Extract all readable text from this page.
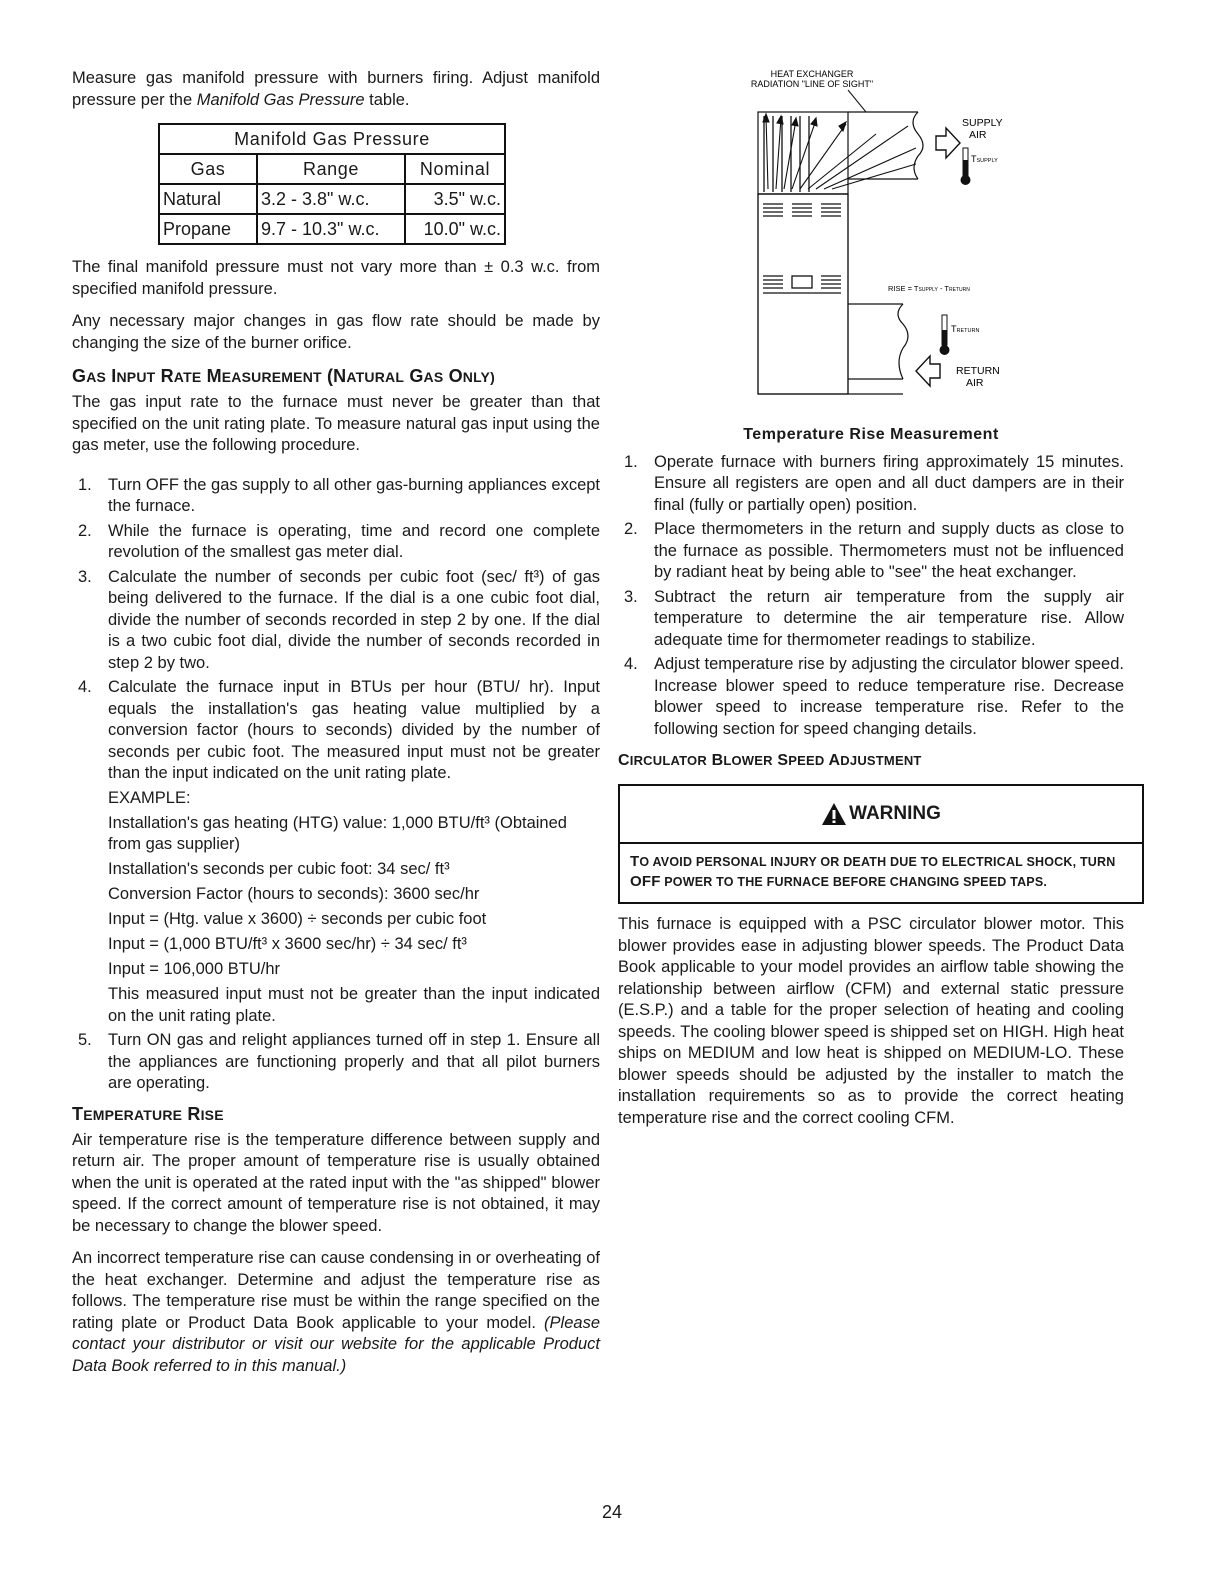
Measure gas manifold pressure with burners firing. Adjust manifold pressure per the Manifold Gas Pressure table.

Manifold Gas Pressure		
Gas	Range	Nominal
Natural	3.2 - 3.8" w.c.	3.5" w.c.
Propane	9.7 - 10.3" w.c.	10.0" w.c.

The final manifold pressure must not vary more than ± 0.3 w.c. from specified manifold pressure.

Any necessary major changes in gas flow rate should be made by changing the size of the burner orifice.

GAS INPUT RATE MEASUREMENT (NATURAL GAS ONLY)

The gas input rate to the furnace must never be greater than that specified on the unit rating plate. To measure natural gas input using the gas meter, use the following procedure.

1. Turn OFF the gas supply to all other gas-burning appliances except the furnace.

2. While the furnace is operating, time and record one complete revolution of the smallest gas meter dial.

3. Calculate the number of seconds per cubic foot (sec/ ft³) of gas being delivered to the furnace. If the dial is a one cubic foot dial, divide the number of seconds recorded in step 2 by one. If the dial is a two cubic foot dial, divide the number of seconds recorded in step 2 by two.

4. Calculate the furnace input in BTUs per hour (BTU/ hr). Input equals the installation's gas heating value multiplied by a conversion factor (hours to seconds) divided by the number of seconds per cubic foot. The measured input must not be greater than the input indicated on the unit rating plate.

EXAMPLE:
Installation's gas heating (HTG) value: 1,000 BTU/ft³ (Obtained from gas supplier)
Installation's seconds per cubic foot: 34 sec/ ft³
Conversion Factor (hours to seconds): 3600 sec/hr
Input = (Htg. value x 3600) ÷ seconds per cubic foot
Input = (1,000 BTU/ft³ x 3600 sec/hr) ÷ 34 sec/ ft³
Input = 106,000 BTU/hr

This measured input must not be greater than the input indicated on the unit rating plate.

5. Turn ON gas and relight appliances turned off in step 1. Ensure all the appliances are functioning properly and that all pilot burners are operating.

TEMPERATURE RISE

Air temperature rise is the temperature difference between supply and return air. The proper amount of temperature rise is usually obtained when the unit is operated at the rated input with the "as shipped" blower speed. If the correct amount of temperature rise is not obtained, it may be necessary to change the blower speed.

An incorrect temperature rise can cause condensing in or overheating of the heat exchanger. Determine and adjust the temperature rise as follows. The temperature rise must be within the range specified on the rating plate or Product Data Book applicable to your model. (Please contact your distributor or visit our website for the applicable Product Data Book referred to in this manual.)

HEAT EXCHANGER
RADIATION "LINE OF SIGHT"
SUPPLY
AIR
TSUPPLY
RISE = TSUPPLY - TRETURN
TRETURN
RETURN
AIR
Temperature Rise Measurement
1. Operate furnace with burners firing approximately 15 minutes. Ensure all registers are open and all duct dampers are in their final (fully or partially open) position.

2. Place thermometers in the return and supply ducts as close to the furnace as possible. Thermometers must not be influenced by radiant heat by being able to "see" the heat exchanger.

3. Subtract the return air temperature from the supply air temperature to determine the air temperature rise. Allow adequate time for thermometer readings to stabilize.

4. Adjust temperature rise by adjusting the circulator blower speed. Increase blower speed to reduce temperature rise. Decrease blower speed to increase temperature rise. Refer to the following section for speed changing details.

CIRCULATOR BLOWER SPEED ADJUSTMENT
WARNING
TO AVOID PERSONAL INJURY OR DEATH DUE TO ELECTRICAL SHOCK, TURN
OFF POWER TO THE FURNACE BEFORE CHANGING SPEED TAPS.

This furnace is equipped with a PSC circulator blower motor. This blower provides ease in adjusting blower speeds. The Product Data Book applicable to your model provides an airflow table showing the relationship between airflow (CFM) and external static pressure (E.S.P.) and a table for the proper selection of heating and cooling speeds. The cooling blower speed is shipped set on HIGH. High heat ships on MEDIUM and low heat is shipped on MEDIUM-LO. These blower speeds should be adjusted by the installer to match the installation requirements so as to provide the correct heating temperature rise and the correct cooling CFM.

24
